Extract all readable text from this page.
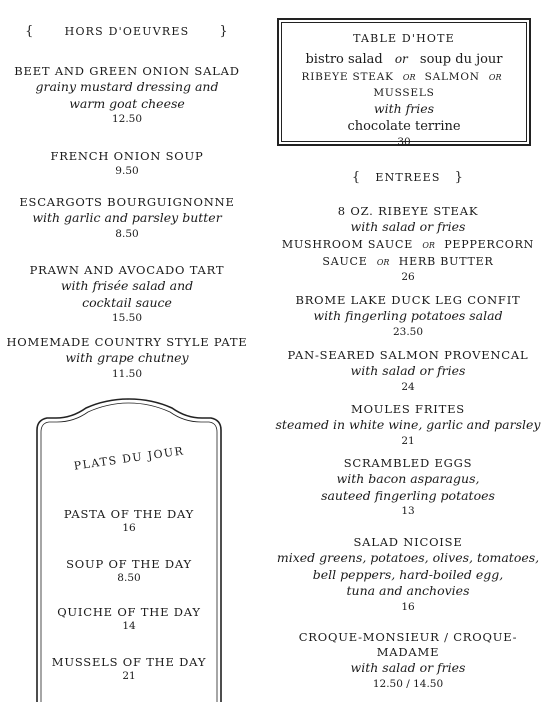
{	HORS D'OEUVRES }
BEET AND GREEN ONION SALAD
grainy mustard dressing and
warm goat cheese
12.50
FRENCH ONION SOUP
9.50
ESCARGOTS BOURGUIGNONNE
with garlic and parsley butter
8.50
PRAWN AND AVOCADO TART
with frisée salad and
cocktail sauce
15.50
HOMEMADE COUNTRY STYLE PATE
with grape chutney
11.50
PLATS DU JOUR
PASTA OF THE DAY
16
SOUP OF THE DAY
8.50
QUICHE OF THE DAY
14
MUSSELS OF THE DAY
21
TABLE D'HOTE
bistro salad or soup du jour
RIBEYE STEAK or SALMON or MUSSELS
with fries
chocolate terrine
30
{ ENTREES }
8 OZ. RIBEYE STEAK
with salad or fries
MUSHROOM SAUCE or PEPPERCORN
SAUCE or HERB BUTTER
26
BROME LAKE DUCK LEG CONFIT
with fingerling potatoes salad
23.50
PAN-SEARED SALMON PROVENCAL
with salad or fries
24
MOULES FRITES
steamed in white wine, garlic and parsley
21
SCRAMBLED EGGS
with bacon asparagus,
sauteed fingerling potatoes
13
SALAD NICOISE
mixed greens, potatoes, olives, tomatoes,
bell peppers, hard-boiled egg,
tuna and anchovies
16
CROQUE-MONSIEUR / CROQUE-MADAME
with salad or fries
12.50 / 14.50
